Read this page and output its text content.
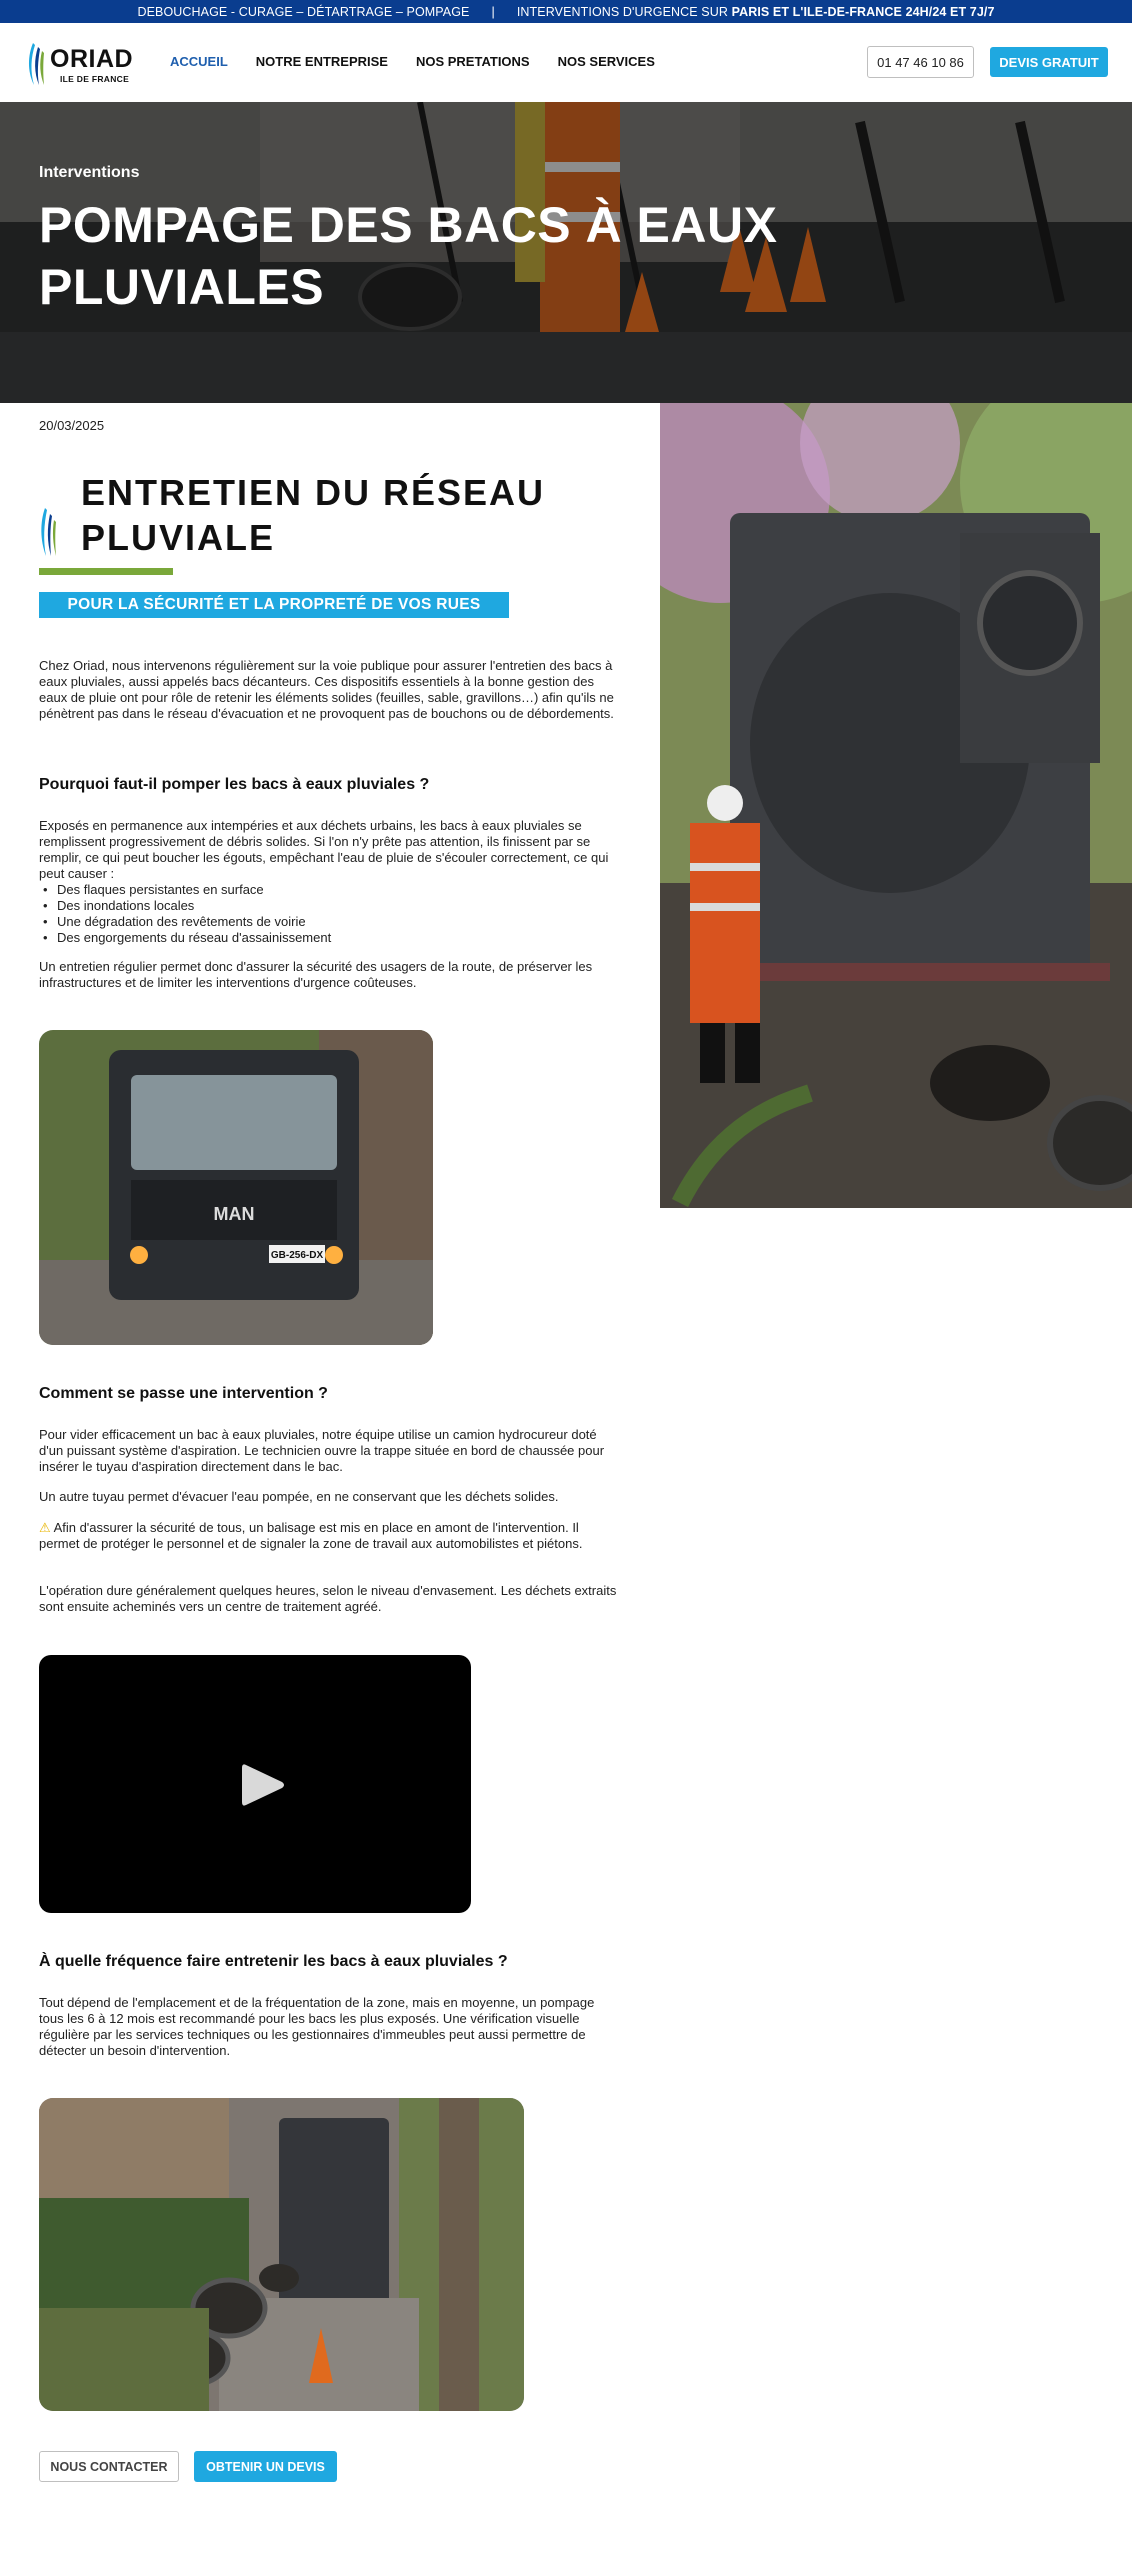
DEBOUCHAGE - CURAGE – DÉTARTRAGE – POMPAGE | INTERVENTIONS D'URGENCE SUR PARIS ET L'ILE-DE-FRANCE 24H/24 ET 7J/7
ORIAD
ILE DE FRANCE
ACCUEIL NOTRE ENTREPRISE NOS PRETATIONS NOS SERVICES	01 47 46 10 86	DEVIS GRATUIT
Interventions
POMPAGE DES BACS À EAUX PLUVIALES
20/03/2025
ENTRETIEN DU RÉSEAU PLUVIALE
POUR LA SÉCURITÉ ET LA PROPRETÉ DE VOS RUES

Chez Oriad, nous intervenons régulièrement sur la voie publique pour assurer l'entretien des bacs à eaux pluviales, aussi appelés bacs décanteurs. Ces dispositifs essentiels à la bonne gestion des eaux de pluie ont pour rôle de retenir les éléments solides (feuilles, sable, gravillons…) afin qu'ils ne pénètrent pas dans le réseau d'évacuation et ne provoquent pas de bouchons ou de débordements.

Pourquoi faut-il pomper les bacs à eaux pluviales ?

Exposés en permanence aux intempéries et aux déchets urbains, les bacs à eaux pluviales se remplissent progressivement de débris solides. Si l'on n'y prête pas attention, ils finissent par se remplir, ce qui peut boucher les égouts, empêchant l'eau de pluie de s'écouler correctement, ce qui peut causer :

• Des flaques persistantes en surface
• Des inondations locales
• Une dégradation des revêtements de voirie
• Des engorgements du réseau d'assainissement

Un entretien régulier permet donc d'assurer la sécurité des usagers de la route, de préserver les infrastructures et de limiter les interventions d'urgence coûteuses.

MAN
GB-256-DX
Comment se passe une intervention ?

Pour vider efficacement un bac à eaux pluviales, notre équipe utilise un camion hydrocureur doté d'un puissant système d'aspiration. Le technicien ouvre la trappe située en bord de chaussée pour insérer le tuyau d'aspiration directement dans le bac.

Un autre tuyau permet d'évacuer l'eau pompée, en ne conservant que les déchets solides.

⚠ Afin d'assurer la sécurité de tous, un balisage est mis en place en amont de l'intervention. Il permet de protéger le personnel et de signaler la zone de travail aux automobilistes et piétons.

L'opération dure généralement quelques heures, selon le niveau d'envasement. Les déchets extraits sont ensuite acheminés vers un centre de traitement agréé.

À quelle fréquence faire entretenir les bacs à eaux pluviales ?

Tout dépend de l'emplacement et de la fréquentation de la zone, mais en moyenne, un pompage tous les 6 à 12 mois est recommandé pour les bacs les plus exposés. Une vérification visuelle régulière par les services techniques ou les gestionnaires d'immeubles peut aussi permettre de détecter un besoin d'intervention.

NOUS CONTACTER	OBTENIR UN DEVIS
